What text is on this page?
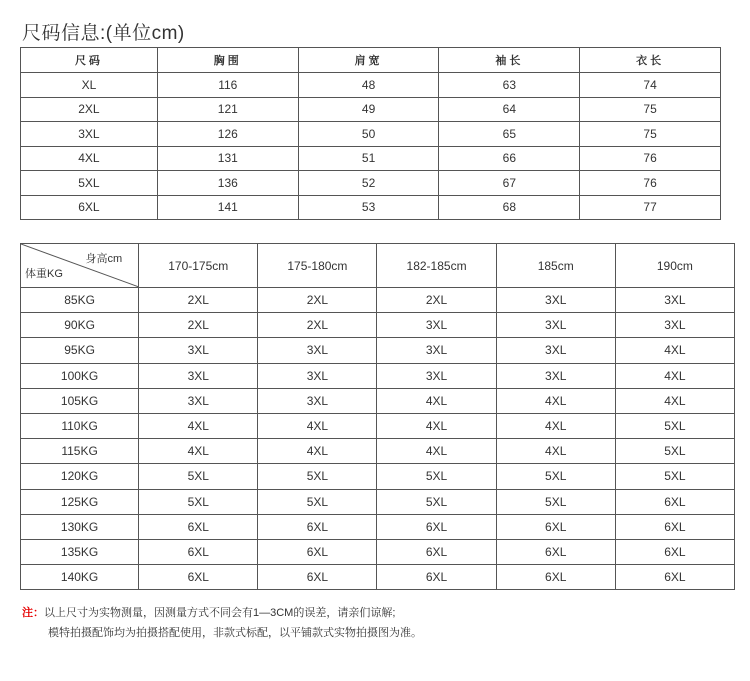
尺码信息:(单位cm)
尺码	胸围	肩宽	袖长	衣长
XL	116	48	63	74
2XL	121	49	64	75
3XL	126	50	65	75
4XL	131	51	66	76
5XL	136	52	67	76
6XL	141	53	68	77
身高cm
体重KG	170-175cm	175-180cm	182-185cm	185cm	190cm
85KG	2XL	2XL	2XL	3XL	3XL
90KG	2XL	2XL	3XL	3XL	3XL
95KG	3XL	3XL	3XL	3XL	4XL
100KG	3XL	3XL	3XL	3XL	4XL
105KG	3XL	3XL	4XL	4XL	4XL
110KG	4XL	4XL	4XL	4XL	5XL
115KG	4XL	4XL	4XL	4XL	5XL
120KG	5XL	5XL	5XL	5XL	5XL
125KG	5XL	5XL	5XL	5XL	6XL
130KG	6XL	6XL	6XL	6XL	6XL
135KG	6XL	6XL	6XL	6XL	6XL
140KG	6XL	6XL	6XL	6XL	6XL
注：以上尺寸为实物测量，因测量方式不同会有1—3CM的误差，请亲们谅解;
模特拍摄配饰均为拍摄搭配使用，非款式标配，以平铺款式实物拍摄图为准。
